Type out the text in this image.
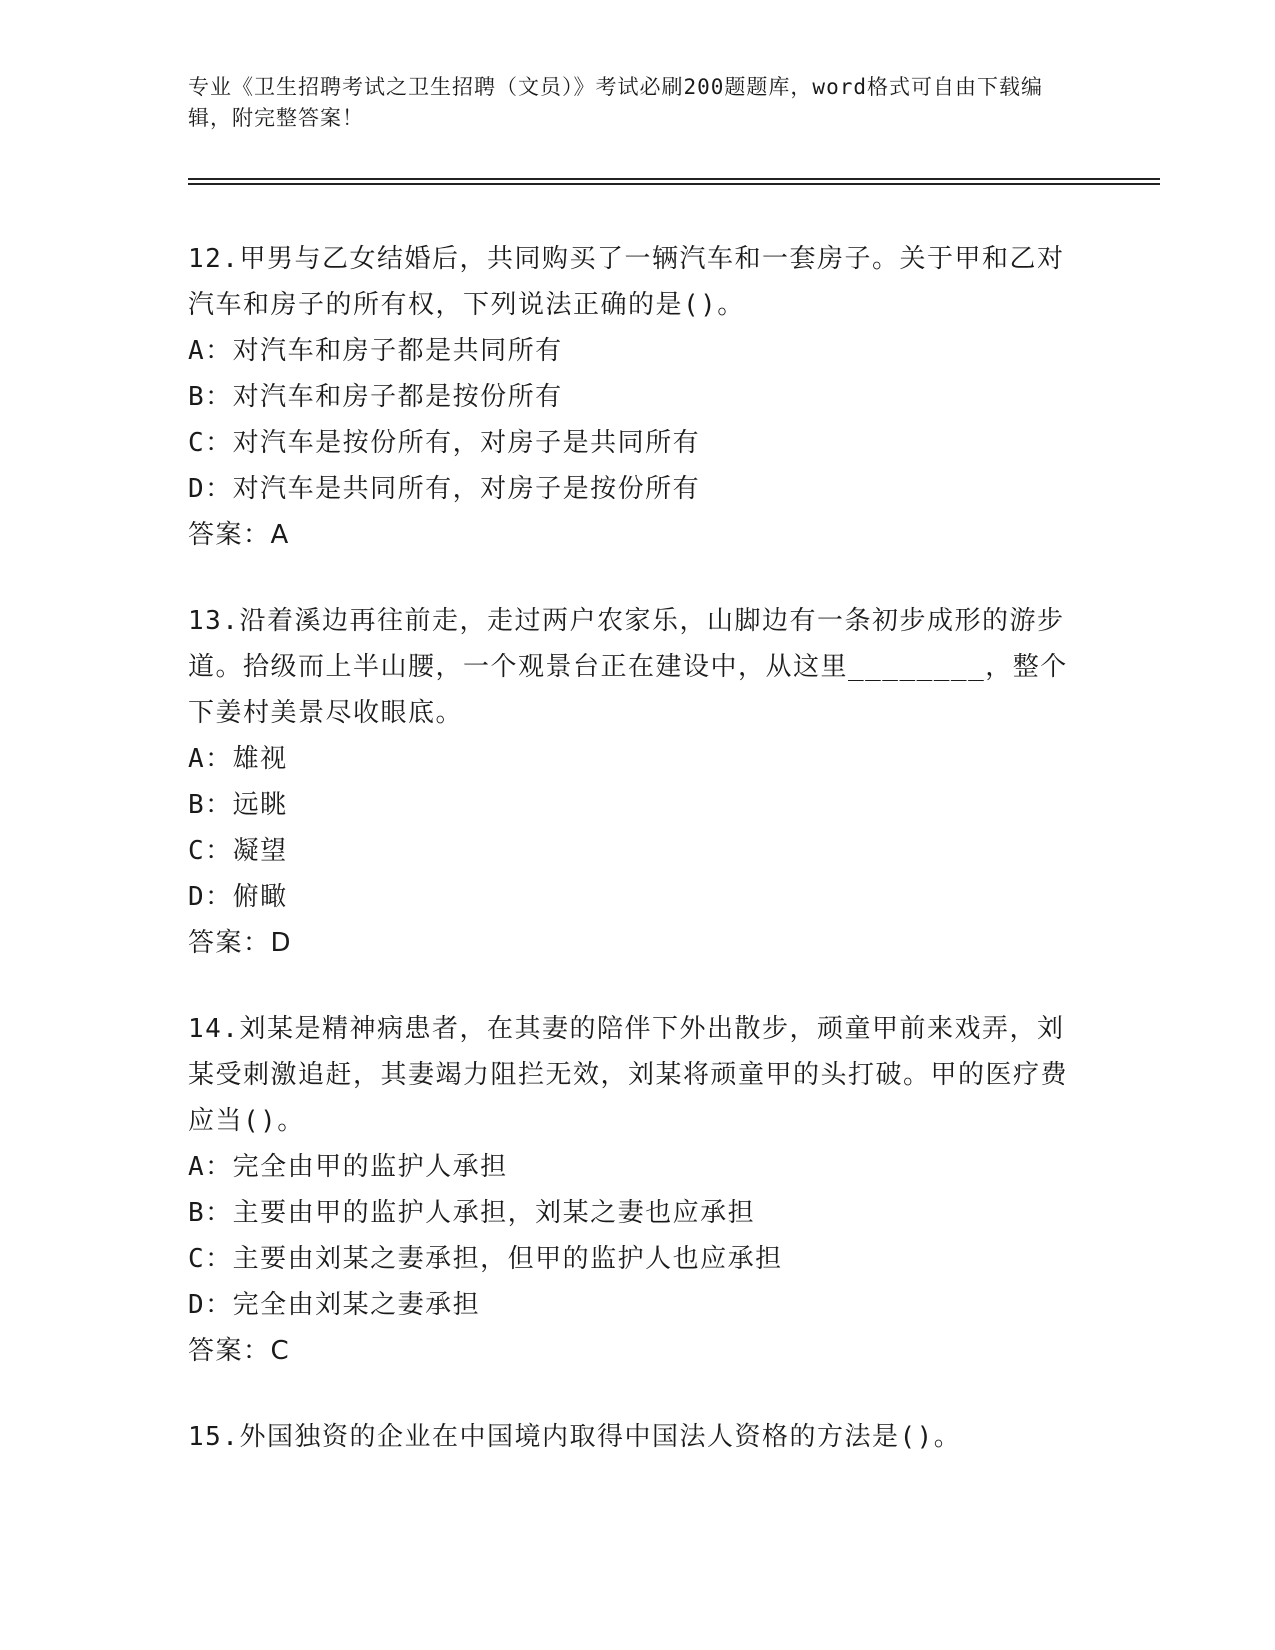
专业《卫生招聘考试之卫生招聘（文员）》考试必刷200题题库，word格式可自由下载编辑，附完整答案！

12.甲男与乙女结婚后，共同购买了一辆汽车和一套房子。关于甲和乙对汽车和房子的所有权，下列说法正确的是()。

A：对汽车和房子都是共同所有

B：对汽车和房子都是按份所有

C：对汽车是按份所有，对房子是共同所有

D：对汽车是共同所有，对房子是按份所有

答案：A

13.沿着溪边再往前走，走过两户农家乐，山脚边有一条初步成形的游步道。拾级而上半山腰，一个观景台正在建设中，从这里________，整个下姜村美景尽收眼底。

A：雄视

B：远眺

C：凝望

D：俯瞰

答案：D

14.刘某是精神病患者，在其妻的陪伴下外出散步，顽童甲前来戏弄，刘某受刺激追赶，其妻竭力阻拦无效，刘某将顽童甲的头打破。甲的医疗费应当()。

A：完全由甲的监护人承担

B：主要由甲的监护人承担，刘某之妻也应承担

C：主要由刘某之妻承担，但甲的监护人也应承担

D：完全由刘某之妻承担

答案：C

15.外国独资的企业在中国境内取得中国法人资格的方法是()。
